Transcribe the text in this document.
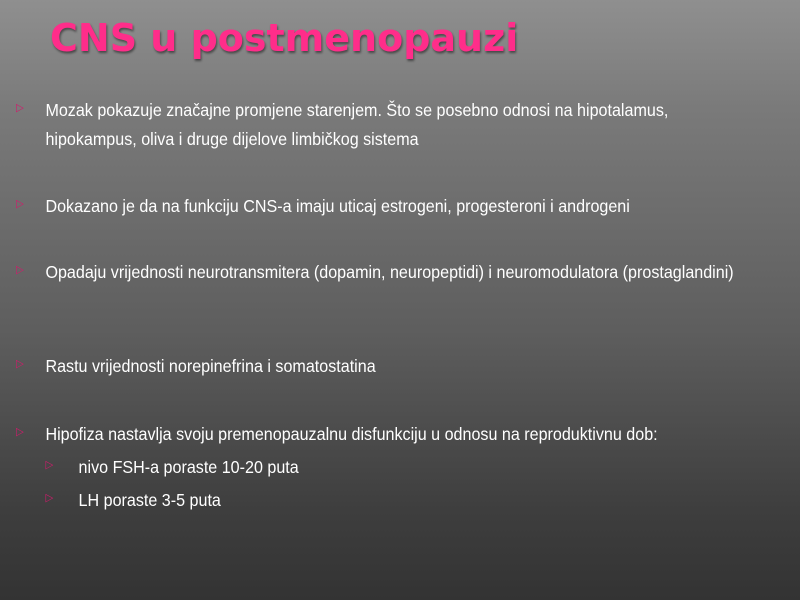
CNS u postmenopauzi
▷ Mozak pokazuje značajne promjene starenjem. Što se posebno odnosi na hipotalamus, hipokampus, oliva i druge dijelove limbičkog sistema
▷ Dokazano je da na funkciju CNS-a imaju uticaj estrogeni, progesteroni i androgeni
▷ Opadaju vrijednosti neurotransmitera (dopamin, neuropeptidi) i neuromodulatora (prostaglandini)
▷ Rastu vrijednosti norepinefrina i somatostatina
▷ Hipofiza nastavlja svoju premenopauzalnu disfunkciju u odnosu na reproduktivnu dob:
▷ nivo FSH-a poraste 10-20 puta
▷ LH poraste 3-5 puta
